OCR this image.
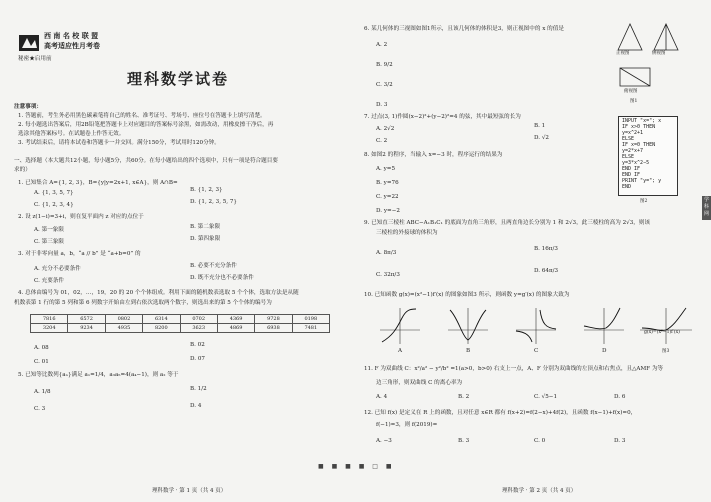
西 南 名 校 联 盟
高考适应性月考卷
秘密★启用前
理科数学试卷
注意事项：
1. 答题前，考生务必用黑色碳素笔将自己的姓名、准考证号、考场号、座位号在答题卡上填写清楚。
2. 每小题选出答案后，用2B铅笔把答题卡上对应题目的答案标号涂黑，如需改动，用橡皮擦干净后，再
选涂其他答案标号。在试题卷上作答无效。
3. 考试结束后，请将本试卷和答题卡一并交回。满分150分，考试用时120分钟。
一、选择题（本大题共12小题，每小题5分，共60分。在每小题给出的四个选项中，只有一项是符合题目要
求的）
1. 已知集合 A={1, 2, 3}，B={y|y=2x+1, x∈A}，则 A∩B=
A. {1, 3, 5, 7}	B. {1, 2, 3}
C. {1, 2, 3, 4}	D. {1, 2, 3, 5, 7}
2. 设 z(1−i)=3+i，则在复平面内 z 对应的点位于
A. 第一象限	B. 第二象限
C. 第三象限	D. 第四象限
3. 对于非零向量 a，b，“a // b” 是 “a+b=0” 的
A. 充分不必要条件	B. 必要不充分条件
C. 充要条件	D. 既不充分也不必要条件
4. 总体由编号为 01，02，…，19，20 的 20 个个体组成。利用下面的随机数表选取 5 个个体，选取方法是从随
机数表第 1 行的第 5 列和第 6 列数字开始由左到右依次选取两个数字，则选出来的第 5 个个体的编号为
7816	6572	0802	6314	0702	4369	9728	0198
3204	9234	4935	8200	3623	4869	6938	7481
A. 08	B. 02
C. 01	D. 07
5. 已知等比数列{aₙ}满足 a₁=1/4，a₃a₅=4(a₄−1)，则 a₂ 等于
A. 1/8	B. 1/2
C. 3	D. 4
理科数学 · 第 1 页（共 4 页）
■ ■ ■ ■ □ ■
6. 某几何体的三视图如图1所示，且该几何体的体积是3，则正视图中的 x 的值是
A. 2
B. 9/2
C. 3/2
D. 3
正视图	侧视图
俯视图
图1
7. 过点(3, 1)作圆(x−2)²+(y−2)²=4 的弦，其中最短弦的长为
A. 2√2	B. 1
C. 2	D. √2
8. 如图2 的程序，当输入 x=−3 时，程序运行的结果为
A. y=5
B. y=76
C. y=22
D. y=−2
INPUT "x="; x
IF x>0 THEN
y=x^2+1
ELSE
IF x=0 THEN
y=2*x+7
ELSE
y=3*x^2−5
END IF
END IF
PRINT "y="; y
END
图2
9. 已知直三棱柱 ABC−A₁B₁C₁ 的底面为直角三角形，且两直角边长分别为 1 和 2√3，此三棱柱的高为 2√3，则该
三棱柱的外接球的体积为
A. 8π/3
B. 16π/3
C. 32π/3
D. 64π/3
10. 已知函数 g(x)=(x²−1)f′(x) 的图象如图3 所示，则函数 y=g′(x) 的图象大致为
g(x)=(x²−1)f′(x)
A	B	C	D	图3
11. F 为双曲线 C：x²/a² − y²/b² =1(a>0，b>0) 右支上一点，A、F 分别为双曲线的左顶点和右焦点，且△AMF 为等
边三角形，则双曲线 C 的离心率为
A. 4	B. 2	C. √5−1	D. 6
12. 已知 f(x) 是定义在 R 上的函数，且对任意 x∈R 都有 f(x+2)=f(2−x)+4f(2)，且函数 f(x−1)+f(x)=0，
f(−1)=3，则 f(2019)=
A. −3	B. 3	C. 0	D. 3
理科数学 · 第 2 页（共 4 页）
学 科 网
